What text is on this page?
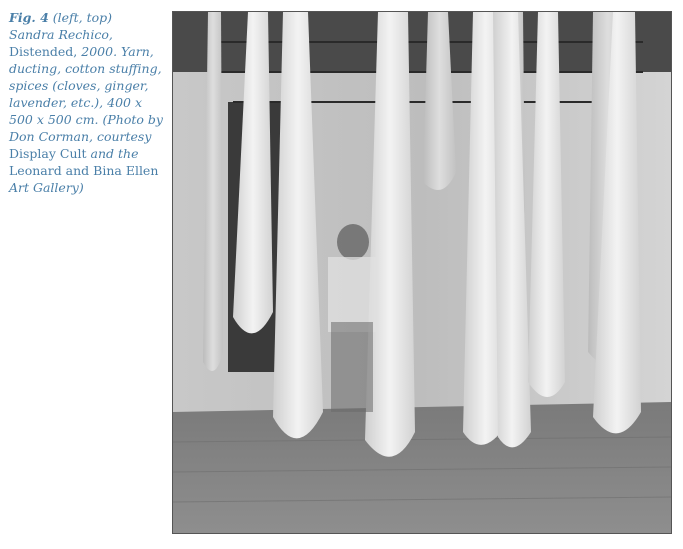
Fig. 4 (left, top)
Sandra Rechico,
Distended, 2000. Yarn, ducting, cotton stuffing, spices (cloves, ginger, lavender, etc.), 400 x 500 x 500 cm. (Photo by Don Corman, courtesy Display Cult and the Leonard and Bina Ellen Art Gallery)
